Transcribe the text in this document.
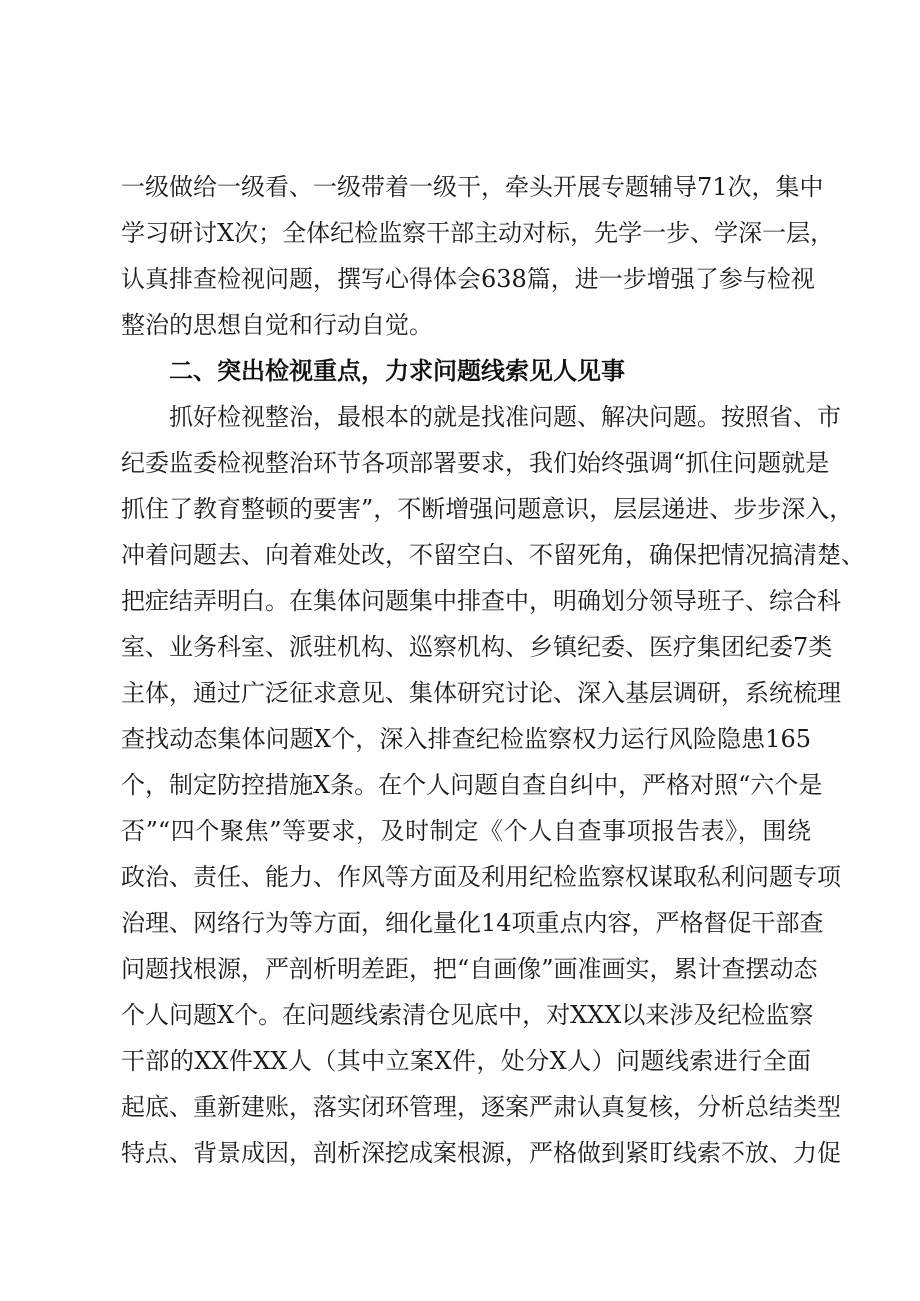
一级做给一级看、一级带着一级干，牵头开展专题辅导71次，集中
学习研讨X次；全体纪检监察干部主动对标，先学一步、学深一层，
认真排查检视问题，撰写心得体会638篇，进一步增强了参与检视
整治的思想自觉和行动自觉。
二、突出检视重点，力求问题线索见人见事
抓好检视整治，最根本的就是找准问题、解决问题。按照省、市
纪委监委检视整治环节各项部署要求，我们始终强调“抓住问题就是
抓住了教育整顿的要害”，不断增强问题意识，层层递进、步步深入，
冲着问题去、向着难处改，不留空白、不留死角，确保把情况搞清楚、
把症结弄明白。在集体问题集中排查中，明确划分领导班子、综合科
室、业务科室、派驻机构、巡察机构、乡镇纪委、医疗集团纪委7类
主体，通过广泛征求意见、集体研究讨论、深入基层调研，系统梳理
查找动态集体问题X个，深入排查纪检监察权力运行风险隐患165
个，制定防控措施X条。在个人问题自查自纠中，严格对照“六个是
否”“四个聚焦”等要求，及时制定《个人自查事项报告表》，围绕
政治、责任、能力、作风等方面及利用纪检监察权谋取私利问题专项
治理、网络行为等方面，细化量化14项重点内容，严格督促干部查
问题找根源，严剖析明差距，把“自画像”画准画实，累计查摆动态
个人问题X个。在问题线索清仓见底中，对XXX以来涉及纪检监察
干部的XX件XX人（其中立案X件，处分X人）问题线索进行全面
起底、重新建账，落实闭环管理，逐案严肃认真复核，分析总结类型
特点、背景成因，剖析深挖成案根源，严格做到紧盯线索不放、力促
